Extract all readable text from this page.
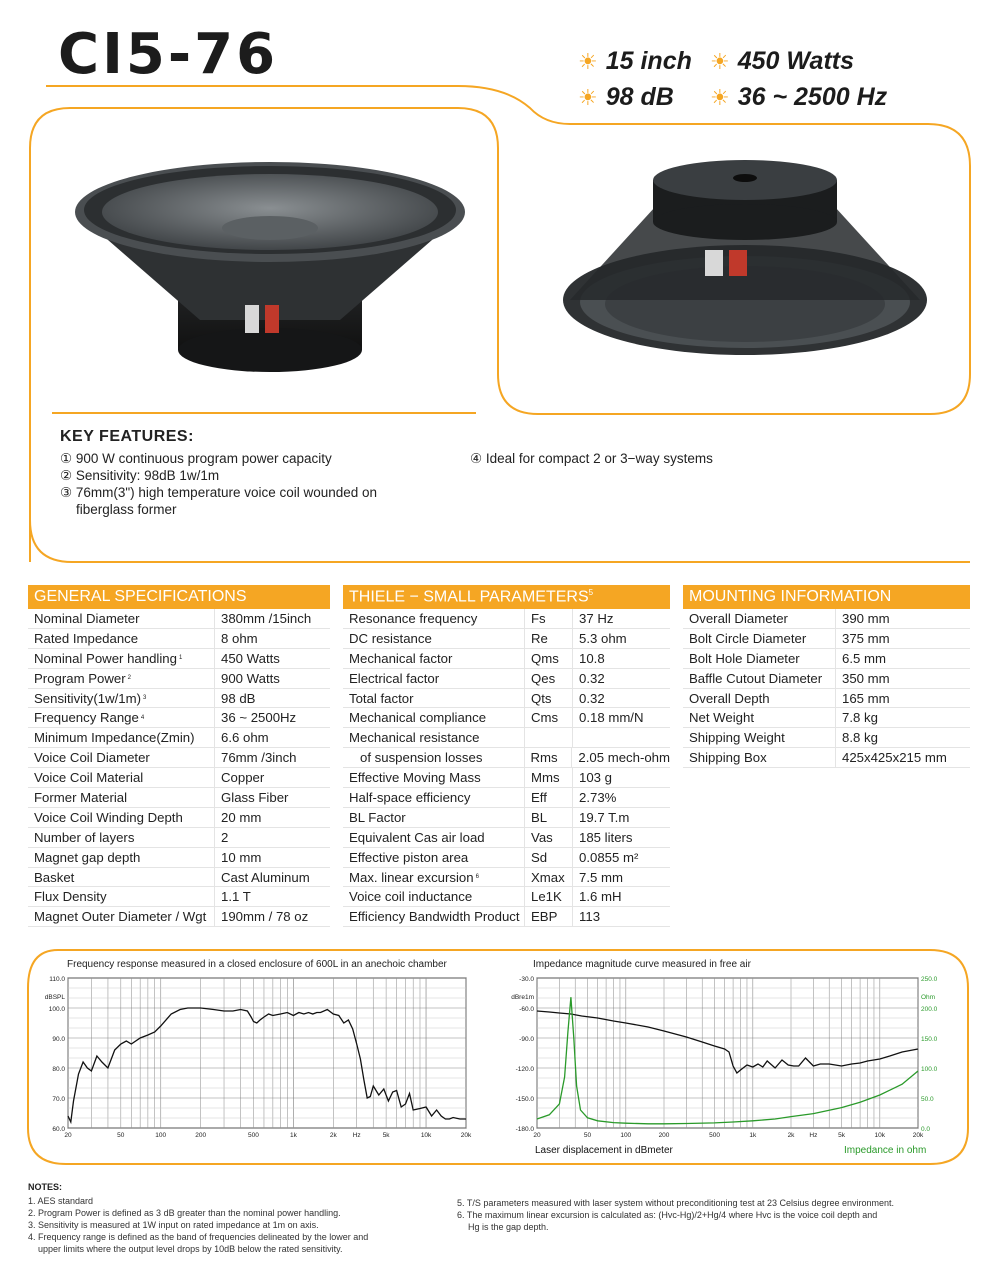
CI5-76	☀ 15 inch ☀ 450 Watts
☀ 98 dB ☀ 36 ~ 2500 Hz
KEY FEATURES:
① 900 W continuous program power capacity
② Sensitivity: 98dB 1w/1m
③ 76mm(3") high temperature voice coil wounded on
fiberglass former
④ Ideal for compact 2 or 3−way systems
GENERAL SPECIFICATIONS
Nominal Diameter	380mm /15inch
Rated Impedance	8 ohm
Nominal Power handling 1	450 Watts
Program Power 2	900 Watts
Sensitivity(1w/1m) 3	98 dB
Frequency Range 4	36 ~ 2500Hz
Minimum Impedance(Zmin)	6.6 ohm
Voice Coil Diameter	76mm /3inch
Voice Coil Material	Copper
Former Material	Glass Fiber
Voice Coil Winding Depth	20 mm
Number of layers	2
Magnet gap depth	10 mm
Basket	Cast Aluminum
Flux Density	1.1 T
Magnet Outer Diameter / Wgt	190mm / 78 oz
THIELE − SMALL PARAMETERS$^5$
Resonance frequency	Fs	37 Hz
DC resistance	Re	5.3 ohm
Mechanical factor	Qms	10.8
Electrical factor	Qes	0.32
Total factor	Qts	0.32
Mechanical compliance	Cms	0.18 mm/N
Mechanical resistance
of suspension losses	Rms	2.05 mech-ohm
Effective Moving Mass	Mms	103 g
Half-space efficiency	Eff	2.73%
BL Factor	BL	19.7 T.m
Equivalent Cas air load	Vas	185 liters
Effective piston area	Sd	0.0855 m²
Max. linear excursion 6	Xmax	7.5 mm
Voice coil inductance	Le1K	1.6 mH
Efficiency Bandwidth Product EBP	113
MOUNTING INFORMATION
Overall Diameter	390 mm
Bolt Circle Diameter	375 mm
Bolt Hole Diameter	6.5 mm
Baffle Cutout Diameter	350 mm
Overall Depth	165 mm
Net Weight	7.8 kg
Shipping Weight	8.8 kg
Shipping Box	425x425x215 mm
Frequency response measured in a closed enclosure of 600L in an anechoic chamber	Impedance magnitude curve measured in free air
110.0
100.0
90.0
80.0
70.0
60.0
dBSPL
20	50	100	200	500	1k	2k Hz	5k	10k	20k
-30.0
-60.0
-90.0
-120.0
-150.0
-180.0
250.0
200.0
150.0
100.0
50.0
0.0
Ohm
dBre1m
20	50	100	200	500	1k	2k Hz	5k	10k	20k
Laser displacement in dBmeter	Impedance in ohm
NOTES:
1. AES standard
2. Program Power is defined as 3 dB greater than the nominal power handling.
3. Sensitivity is measured at 1W input on rated impedance at 1m on axis.
4. Frequency range is defined as the band of frequencies delineated by the lower and
upper limits where the output level drops by 10dB below the rated sensitivity.
5. T/S parameters measured with laser system without preconditioning test at 23 Celsius degree environment.
6. The maximum linear excursion is calculated as: (Hvc-Hg)/2+Hg/4 where Hvc is the voice coil depth and
Hg is the gap depth.
